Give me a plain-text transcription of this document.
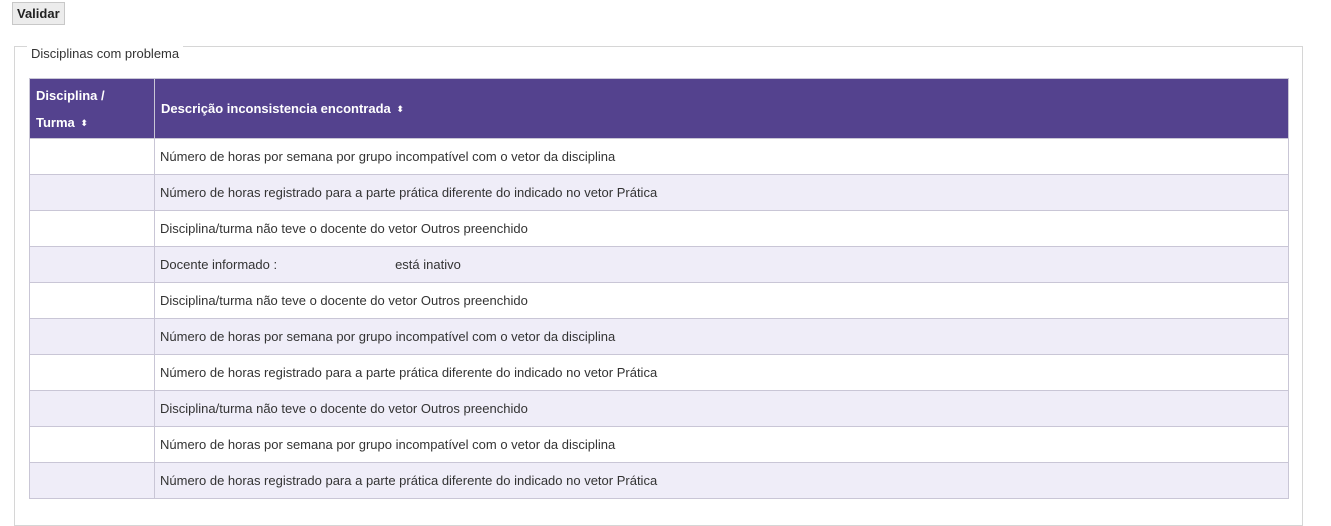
Validar
Disciplinas com problema
Disciplina /
Turma ⬍	Descrição inconsistencia encontrada ⬍
	Número de horas por semana por grupo incompatível com o vetor da disciplina
	Número de horas registrado para a parte prática diferente do indicado no vetor Prática
	Disciplina/turma não teve o docente do vetor Outros preenchido
	Docente informado : está inativo
	Disciplina/turma não teve o docente do vetor Outros preenchido
	Número de horas por semana por grupo incompatível com o vetor da disciplina
	Número de horas registrado para a parte prática diferente do indicado no vetor Prática
	Disciplina/turma não teve o docente do vetor Outros preenchido
	Número de horas por semana por grupo incompatível com o vetor da disciplina
	Número de horas registrado para a parte prática diferente do indicado no vetor Prática
